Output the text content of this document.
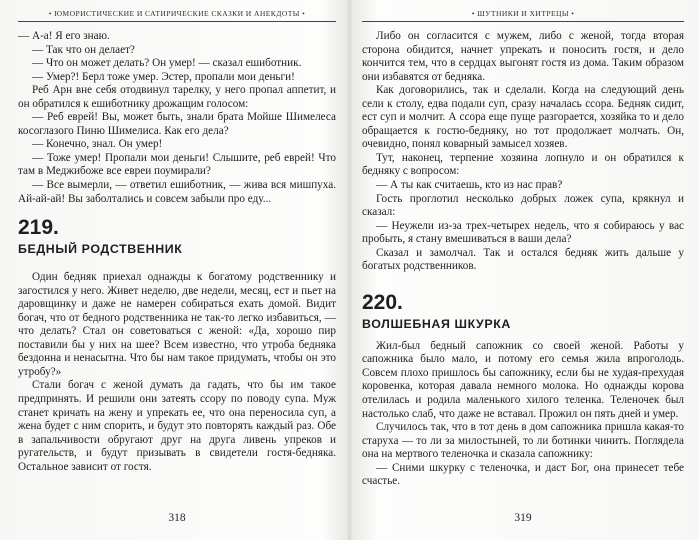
• ЮМОРИСТИЧЕСКИЕ И САТИРИЧЕСКИЕ СКАЗКИ И АНЕКДОТЫ •

— А-а! Я его знаю.

— Так что он делает?

— Что он может делать? Он умер! — сказал ешиботник.

— Умер?! Берл тоже умер. Эстер, пропали мои деньги!

Реб Арн вне себя отодвинул тарелку, у него пропал аппетит, и он обратился к ешиботнику дрожащим голосом:

— Реб еврей! Вы, может быть, знали брата Мойше Шимелеса косоглазого Пиню Шимелиса. Как его дела?

— Конечно, знал. Он умер!

— Тоже умер! Пропали мои деньги! Слышите, реб еврей! Что там в Меджибоже все евреи поумирали?

— Все вымерли, — ответил ешиботник, — жива вся мишпуха. Ай-ай-ай! Вы заболтались и совсем забыли про еду...

219.

БЕДНЫЙ РОДСТВЕННИК

Один бедняк приехал однажды к богатому родственнику и загостился у него. Живет неделю, две недели, месяц, ест и пьет на даровщинку и даже не намерен собираться ехать домой. Видит богач, что от бедного родственника не так-то легко избавиться, — что делать? Стал он советоваться с женой: «Да, хорошо пир поставили бы у них на шее? Всем известно, что утроба бедняка бездонна и ненасытна. Что бы нам такое придумать, чтобы он это утробу?»

Стали богач с женой думать да гадать, что бы им такое предпринять. И решили они затеять ссору по поводу супа. Муж станет кричать на жену и упрекать ее, что она переносила суп, а жена будет с ним спорить, и будут это повторять каждый раз. Обе в запальчивости обругают друг на друга ливень упреков и ругательств, и будут призывать в свидетели гостя-бедняка. Остальное зависит от гостя.

318
• ШУТНИКИ И ХИТРЕЦЫ •

Либо он согласится с мужем, либо с женой, тогда вторая сторона обидится, начнет упрекать и поносить гостя, и дело кончится тем, что в сердцах выгонят гостя из дома. Таким образом они избавятся от бедняка.

Как договорились, так и сделали. Когда на следующий день сели к столу, едва подали суп, сразу началась ссора. Бедняк сидит, ест суп и молчит. А ссора еще пуще разгорается, хозяйка то и дело обращается к гостю-бедняку, но тот продолжает молчать. Он, очевидно, понял коварный замысел хозяев.

Тут, наконец, терпение хозяина лопнуло и он обратился к бедняку с вопросом:

— А ты как считаешь, кто из нас прав?

Гость проглотил несколько добрых ложек супа, крякнул и сказал:

— Неужели из-за трех-четырех недель, что я собираюсь у вас пробыть, я стану вмешиваться в ваши дела?

Сказал и замолчал. Так и остался бедняк жить дальше у богатых родственников.

220.

ВОЛШЕБНАЯ ШКУРКА

Жил-был бедный сапожник со своей женой. Работы у сапожника было мало, и потому его семья жила впроголодь. Совсем плохо пришлось бы сапожнику, если бы не худая-прехудая коровенка, которая давала немного молока. Но однажды корова отелилась и родила маленького хилого теленка. Теленочек был настолько слаб, что даже не вставал. Прожил он пять дней и умер.

Случилось так, что в тот день в дом сапожника пришла какая-то старуха — то ли за милостыней, то ли ботинки чинить. Поглядела она на мертвого теленочка и сказала сапожнику:

— Сними шкурку с теленочка, и даст Бог, она принесет тебе счастье.

319
